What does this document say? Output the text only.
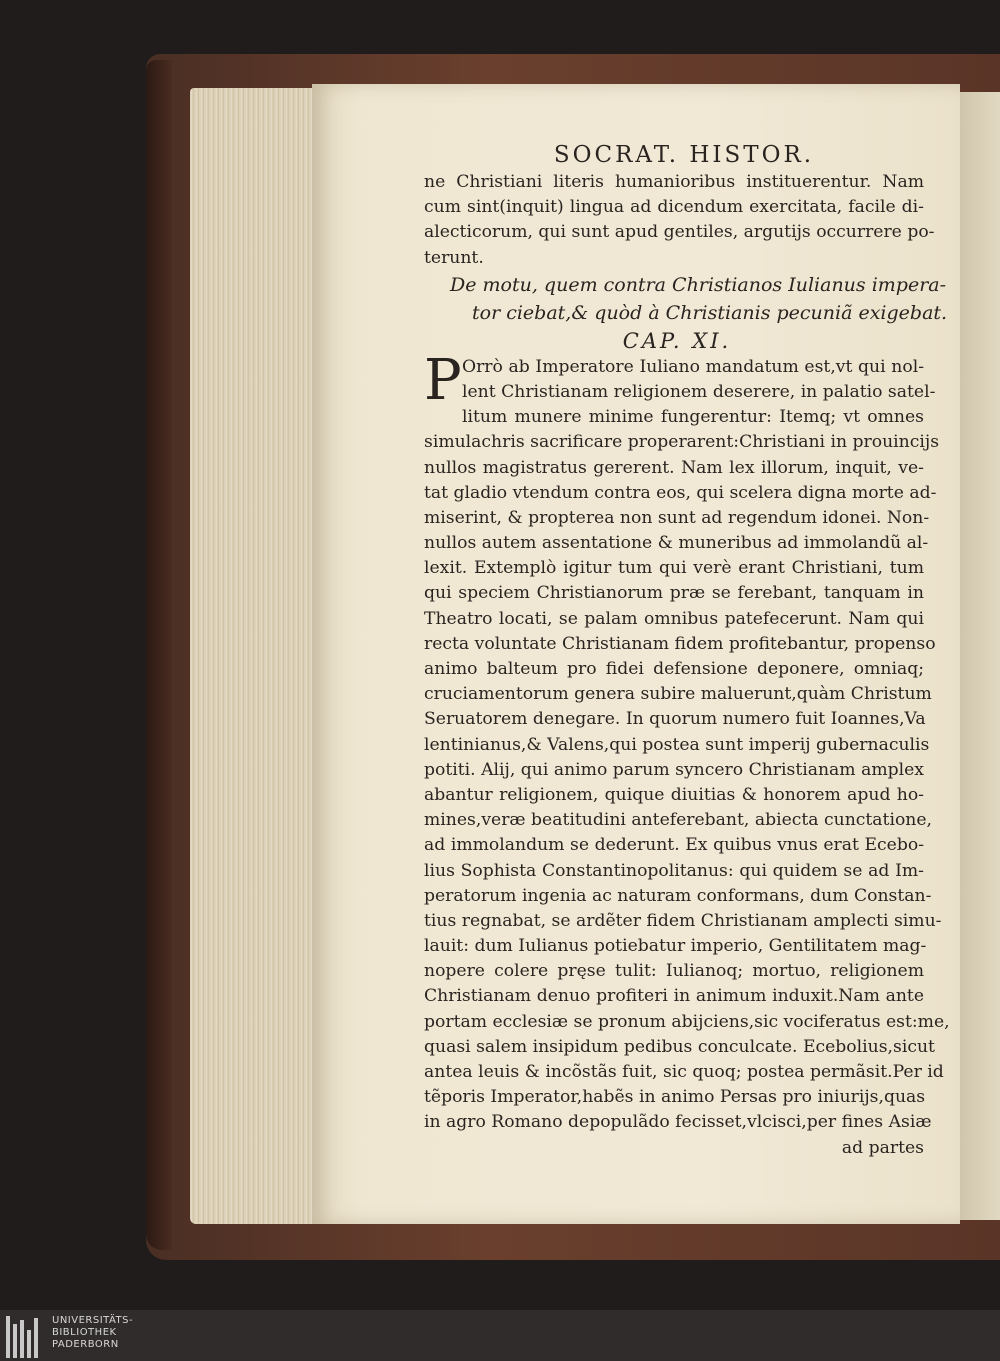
SOCRAT. HISTOR.
ne Christiani literis humanioribus instituerentur. Nam
cum sint(inquit) lingua ad dicendum exercitata, facile di-
alecticorum, qui sunt apud gentiles, argutijs occurrere po-
terunt.
De motu, quem contra Christianos Iulianus impera-
tor ciebat,& quòd à Christianis pecuniã exigebat.
CAP. XI.
P Orrò ab Imperatore Iuliano mandatum est,vt qui nol-
lent Christianam religionem deserere, in palatio satel-
litum munere minime fungerentur: Itemq; vt omnes
simulachris sacrificare properarent:Christiani in prouincijs
nullos magistratus gererent. Nam lex illorum, inquit, ve-
tat gladio vtendum contra eos, qui scelera digna morte ad-
miserint, & propterea non sunt ad regendum idonei. Non-
nullos autem assentatione & muneribus ad immolandũ al-
lexit. Extemplò igitur tum qui verè erant Christiani, tum
qui speciem Christianorum præ se ferebant, tanquam in
Theatro locati, se palam omnibus patefecerunt. Nam qui
recta voluntate Christianam fidem profitebantur, propenso
animo balteum pro fidei defensione deponere, omniaq;
cruciamentorum genera subire maluerunt,quàm Christum
Seruatorem denegare. In quorum numero fuit Ioannes,Va
lentinianus,& Valens,qui postea sunt imperij gubernaculis
potiti. Alij, qui animo parum syncero Christianam amplex
abantur religionem, quique diuitias & honorem apud ho-
mines,veræ beatitudini anteferebant, abiecta cunctatione,
ad immolandum se dederunt. Ex quibus vnus erat Ecebo-
lius Sophista Constantinopolitanus: qui quidem se ad Im-
peratorum ingenia ac naturam conformans, dum Constan-
tius regnabat, se ardẽter fidem Christianam amplecti simu-
lauit: dum Iulianus potiebatur imperio, Gentilitatem mag-
nopere colere pręse tulit: Iulianoq; mortuo, religionem
Christianam denuo profiteri in animum induxit.Nam ante
portam ecclesiæ se pronum abijciens,sic vociferatus est:me,
quasi salem insipidum pedibus conculcate. Ecebolius,sicut
antea leuis & incõstãs fuit, sic quoq; postea permãsit.Per id
tẽporis Imperator,habẽs in animo Persas pro iniurijs,quas
in agro Romano depopulãdo fecisset,vlcisci,per fines Asiæ
ad partes
UNIVERSITÄTS-
BIBLIOTHEK
PADERBORN
